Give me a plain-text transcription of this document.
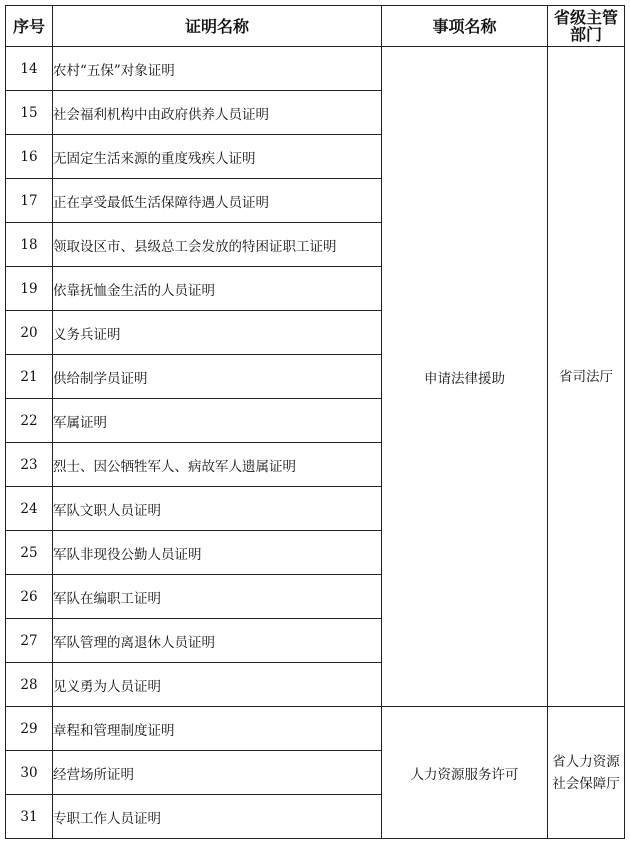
序号	证明名称	事项名称	省级主管部门
14	农村“五保”对象证明	申请法律援助	省司法厅
15	社会福利机构中由政府供养人员证明		
16	无固定生活来源的重度残疾人证明		
17	正在享受最低生活保障待遇人员证明		
18	领取设区市、县级总工会发放的特困证职工证明		
19	依靠抚恤金生活的人员证明		
20	义务兵证明		
21	供给制学员证明		
22	军属证明		
23	烈士、因公牺牲军人、病故军人遗属证明		
24	军队文职人员证明		
25	军队非现役公勤人员证明		
26	军队在编职工证明		
27	军队管理的离退休人员证明		
28	见义勇为人员证明		
29	章程和管理制度证明	人力资源服务许可	省人力资源社会保障厅
30	经营场所证明		
31	专职工作人员证明		
